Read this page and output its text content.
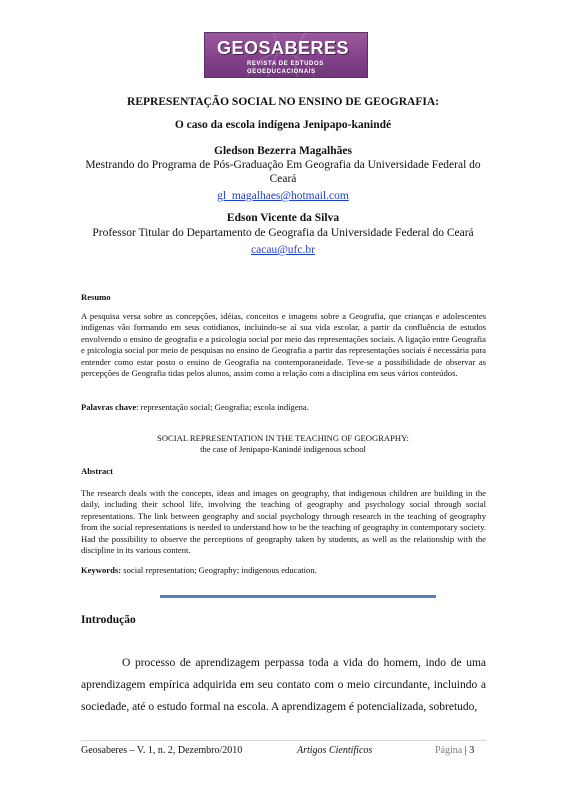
GEOSABERES
REVISTA DE ESTUDOS
GEOEDUCACIONAIS
REPRESENTAÇÃO SOCIAL NO ENSINO DE GEOGRAFIA:
O caso da escola indígena Jenipapo-kanindé
Gledson Bezerra Magalhães
Mestrando do Programa de Pós-Graduação Em Geografia da Universidade Federal do
Ceará
gl_magalhaes@hotmail.com
Edson Vicente da Silva
Professor Titular do Departamento de Geografia da Universidade Federal do Ceará
cacau@ufc.br
Resumo
A pesquisa versa sobre as concepções, idéias, conceitos e imagens sobre a Geografia, que crianças e adolescentes indígenas vão formando em seus cotidianos, incluindo-se aí sua vida escolar, a partir da confluência de estudos envolvendo o ensino de geografia e a psicologia social por meio das representações sociais. A ligação entre Geografia e psicologia social por meio de pesquisas no ensino de Geografia a partir das representações sociais é necessária para entender como estar posto o ensino de Geografia na contemporaneidade. Teve-se a possibilidade de observar as percepções de Geografia tidas pelos alunos, assim como a relação com a disciplina em seus vários conteúdos.
Palavras chave: representação social; Geografia; escola indígena.
SOCIAL REPRESENTATION IN THE TEACHING OF GEOGRAPHY:
the case of Jenipapo-Kanindé indigenous school
Abstract
The research deals with the concepts, ideas and images on geography, that indigenous children are building in the daily, including their school life, involving the teaching of geography and psychology social through social representations. The link between geography and social psychology through research in the teaching of geography from the social representations is needed to understand how to be the teaching of geography in contemporary society. Had the possibility to observe the perceptions of geography taken by students, as well as the relationship with the discipline in its various content.
Keywords: social representation; Geography; indigenous education.
Introdução
O processo de aprendizagem perpassa toda a vida do homem, indo de uma aprendizagem empírica adquirida em seu contato com o meio circundante, incluindo a sociedade, até o estudo formal na escola. A aprendizagem é potencializada, sobretudo,
Geosaberes – V. 1, n. 2, Dezembro/2010	Artigos Científicos	Página | 3
